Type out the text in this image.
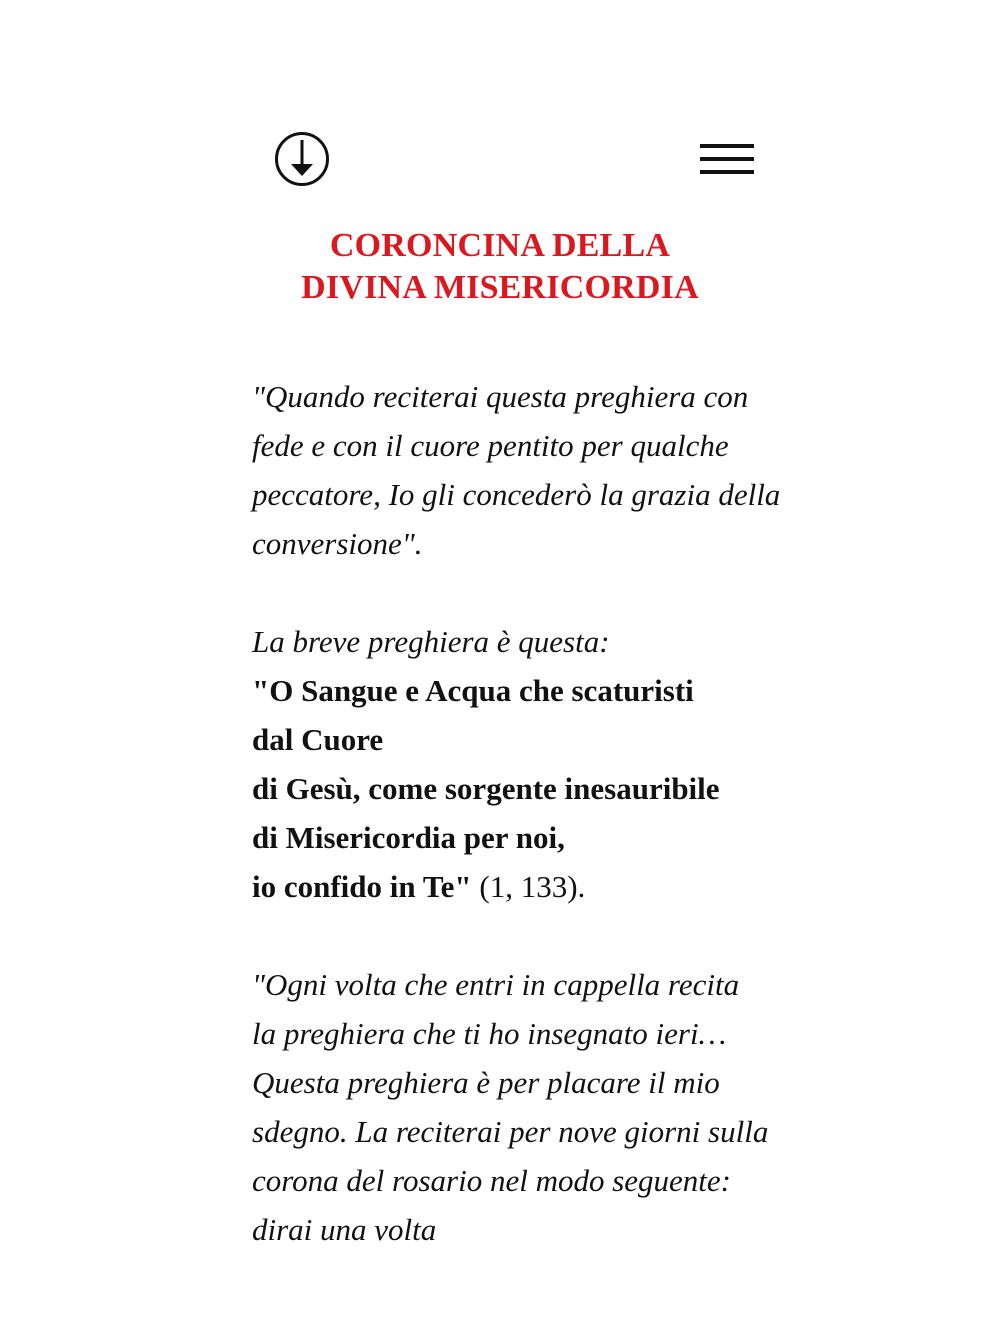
CORONCINA DELLA
DIVINA MISERICORDIA
"Quando reciterai questa preghiera con
fede e con il cuore pentito per qualche
peccatore, Io gli concederò la grazia della
conversione".
La breve preghiera è questa:
"O Sangue e Acqua che scaturisti
dal Cuore
di Gesù, come sorgente inesauribile
di Misericordia per noi,
io confido in Te" (1, 133).
"Ogni volta che entri in cappella recita
la preghiera che ti ho insegnato ieri…
Questa preghiera è per placare il mio
sdegno. La reciterai per nove giorni sulla
corona del rosario nel modo seguente:
dirai una volta
